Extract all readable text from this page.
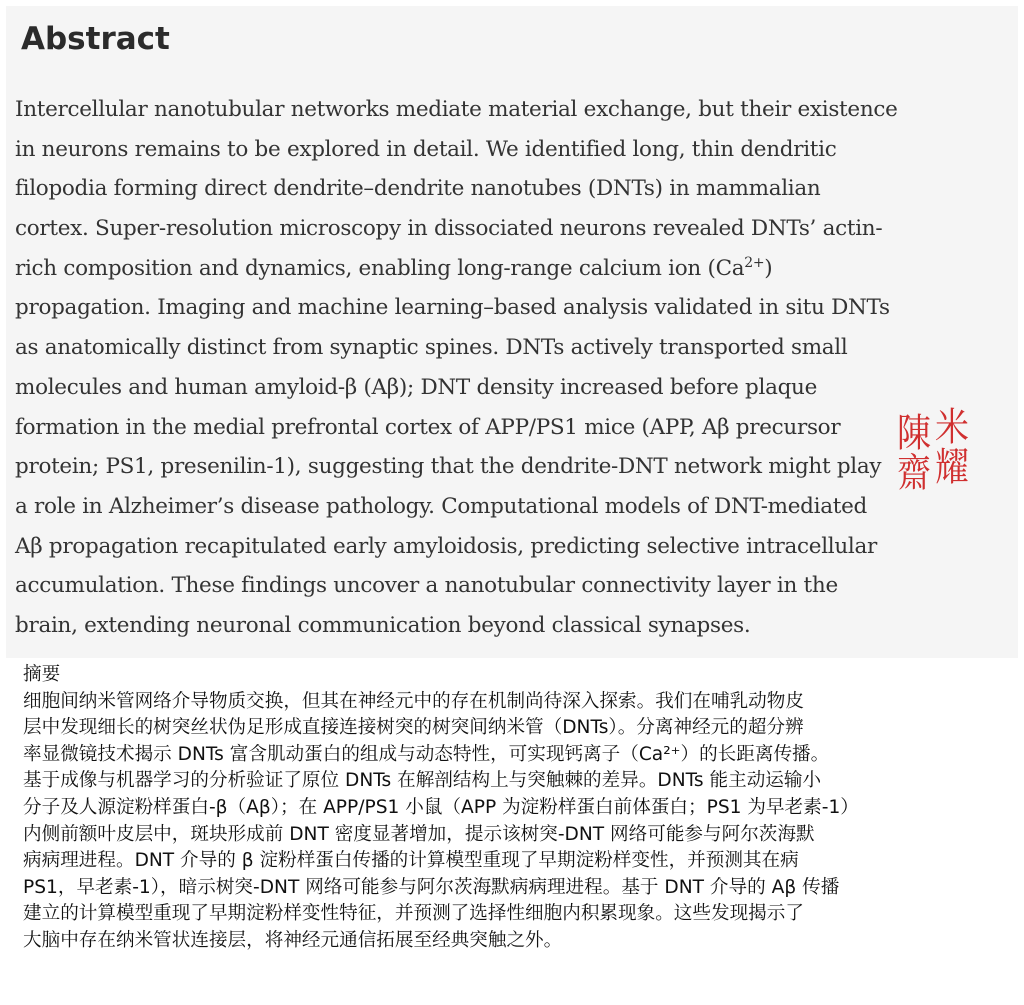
Abstract
Intercellular nanotubular networks mediate material exchange, but their existence
in neurons remains to be explored in detail. We identified long, thin dendritic
filopodia forming direct dendrite–dendrite nanotubes (DNTs) in mammalian
cortex. Super-resolution microscopy in dissociated neurons revealed DNTs’ actin-
rich composition and dynamics, enabling long-range calcium ion $(Ca^{2+})$
propagation. Imaging and machine learning–based analysis validated in situ DNTs
as anatomically distinct from synaptic spines. DNTs actively transported small
molecules and human amyloid-β (Aβ); DNT density increased before plaque
formation in the medial prefrontal cortex of APP/PS1 mice (APP, Aβ precursor
protein; PS1, presenilin-1), suggesting that the dendrite-DNT network might play
a role in Alzheimer’s disease pathology. Computational models of DNT-mediated
Aβ propagation recapitulated early amyloidosis, predicting selective intracellular
accumulation. These findings uncover a nanotubular connectivity layer in the
brain, extending neuronal communication beyond classical synapses.
米
耀
陳
齋
摘要
细胞间纳米管网络介导物质交换，但其在神经元中的存在机制尚待深入探索。我们在哺乳动物皮
层中发现细长的树突丝状伪足形成直接连接树突的树突间纳米管（DNTs）。分离神经元的超分辨
率显微镜技术揭示 DNTs 富含肌动蛋白的组成与动态特性，可实现钙离子（Ca²⁺）的长距离传播。
基于成像与机器学习的分析验证了原位 DNTs 在解剖结构上与突触棘的差异。DNTs 能主动运输小
分子及人源淀粉样蛋白-β（Aβ）；在 APP/PS1 小鼠（APP 为淀粉样蛋白前体蛋白；PS1 为早老素-1）
内侧前额叶皮层中，斑块形成前 DNT 密度显著增加，提示该树突-DNT 网络可能参与阿尔茨海默
病病理进程。DNT 介导的 β 淀粉样蛋白传播的计算模型重现了早期淀粉样变性，并预测其在病
PS1，早老素-1），暗示树突-DNT 网络可能参与阿尔茨海默病病理进程。基于 DNT 介导的 Aβ 传播
建立的计算模型重现了早期淀粉样变性特征，并预测了选择性细胞内积累现象。这些发现揭示了
大脑中存在纳米管状连接层，将神经元通信拓展至经典突触之外。
